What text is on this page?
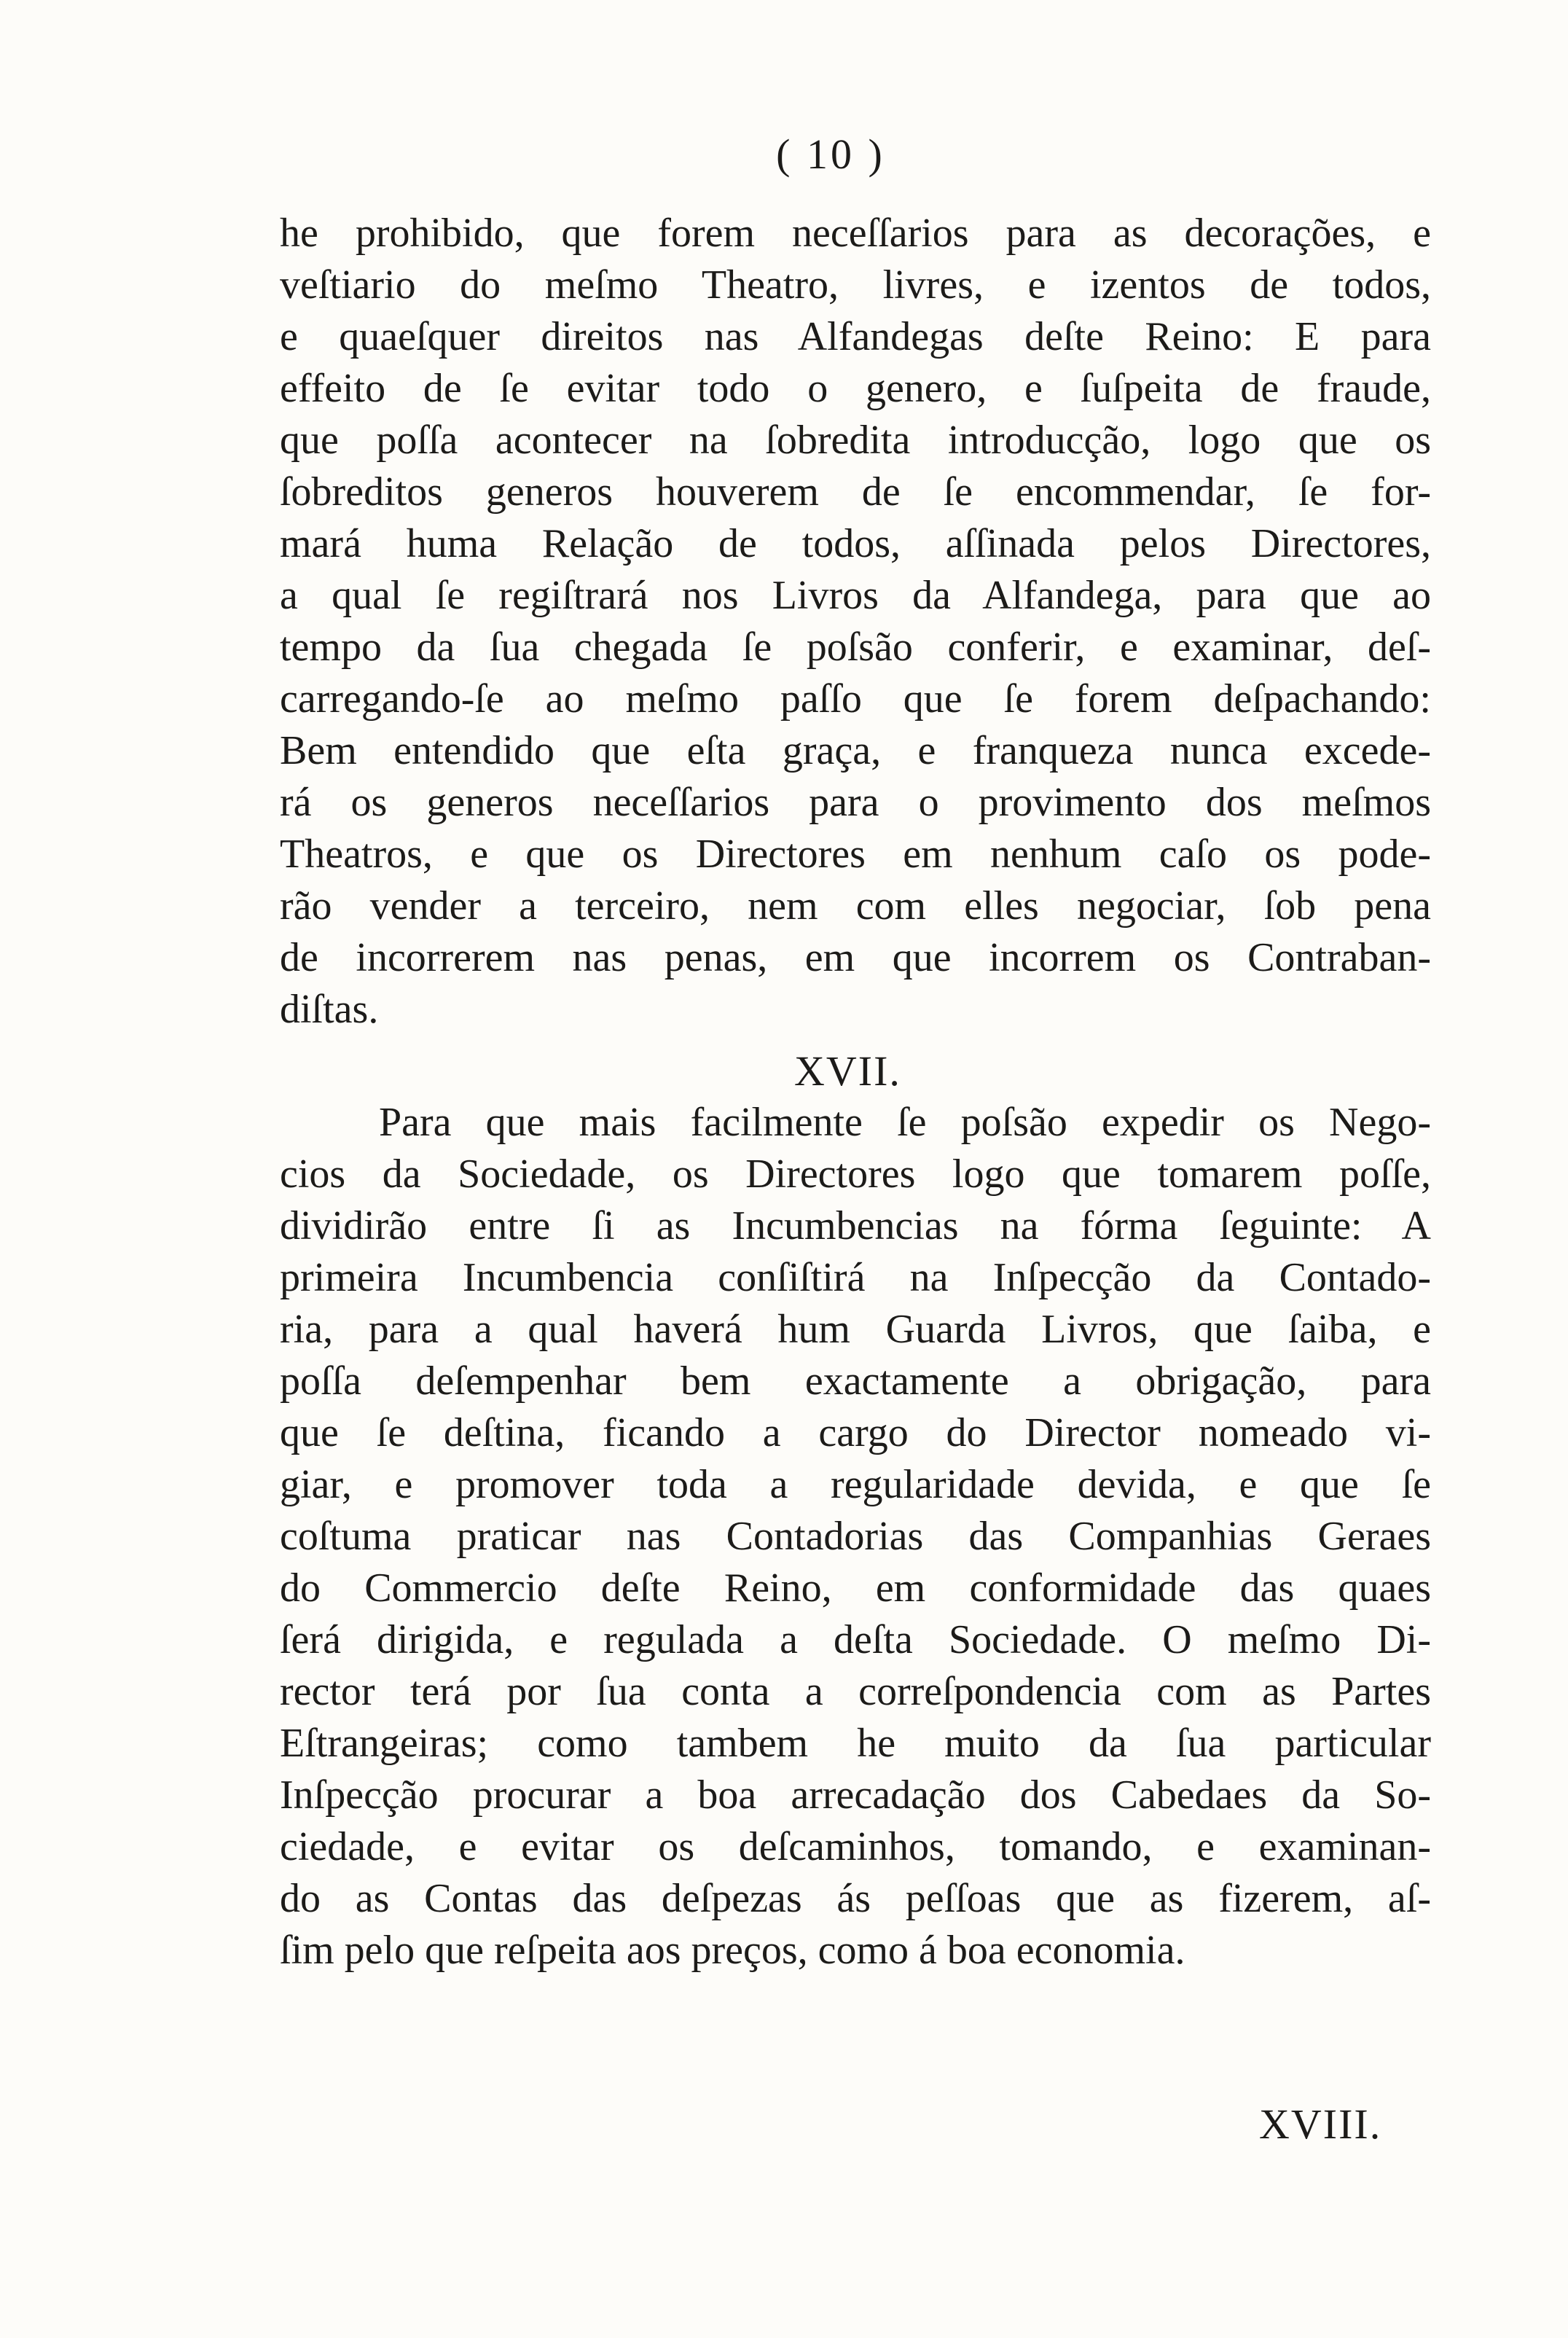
( 10 )
he prohibido, que forem neceſſarios para as decorações, e
veſtiario do meſmo Theatro, livres, e izentos de todos,
e quaeſquer direitos nas Alfandegas deſte Reino: E para
effeito de ſe evitar todo o genero, e ſuſpeita de fraude,
que poſſa acontecer na ſobredita introducção, logo que os
ſobreditos generos houverem de ſe encommendar, ſe for-
mará huma Relação de todos, aſſinada pelos Directores,
a qual ſe regiſtrará nos Livros da Alfandega, para que ao
tempo da ſua chegada ſe poſsão conferir, e examinar, deſ-
carregando-ſe ao meſmo paſſo que ſe forem deſpachando:
Bem entendido que eſta graça, e franqueza nunca excede-
rá os generos neceſſarios para o provimento dos meſmos
Theatros, e que os Directores em nenhum caſo os pode-
rão vender a terceiro, nem com elles negociar, ſob pena
de incorrerem nas penas, em que incorrem os Contraban-
diſtas.
XVII.
Para que mais facilmente ſe poſsão expedir os Nego-
cios da Sociedade, os Directores logo que tomarem poſſe,
dividirão entre ſi as Incumbencias na fórma ſeguinte: A
primeira Incumbencia conſiſtirá na Inſpecção da Contado-
ria, para a qual haverá hum Guarda Livros, que ſaiba, e
poſſa deſempenhar bem exactamente a obrigação, para
que ſe deſtina, ficando a cargo do Director nomeado vi-
giar, e promover toda a regularidade devida, e que ſe
coſtuma praticar nas Contadorias das Companhias Geraes
do Commercio deſte Reino, em conformidade das quaes
ſerá dirigida, e regulada a deſta Sociedade. O meſmo Di-
rector terá por ſua conta a correſpondencia com as Partes
Eſtrangeiras; como tambem he muito da ſua particular
Inſpecção procurar a boa arrecadação dos Cabedaes da So-
ciedade, e evitar os deſcaminhos, tomando, e examinan-
do as Contas das deſpezas ás peſſoas que as fizerem, aſ-
ſim pelo que reſpeita aos preços, como á boa economia.
XVIII.
